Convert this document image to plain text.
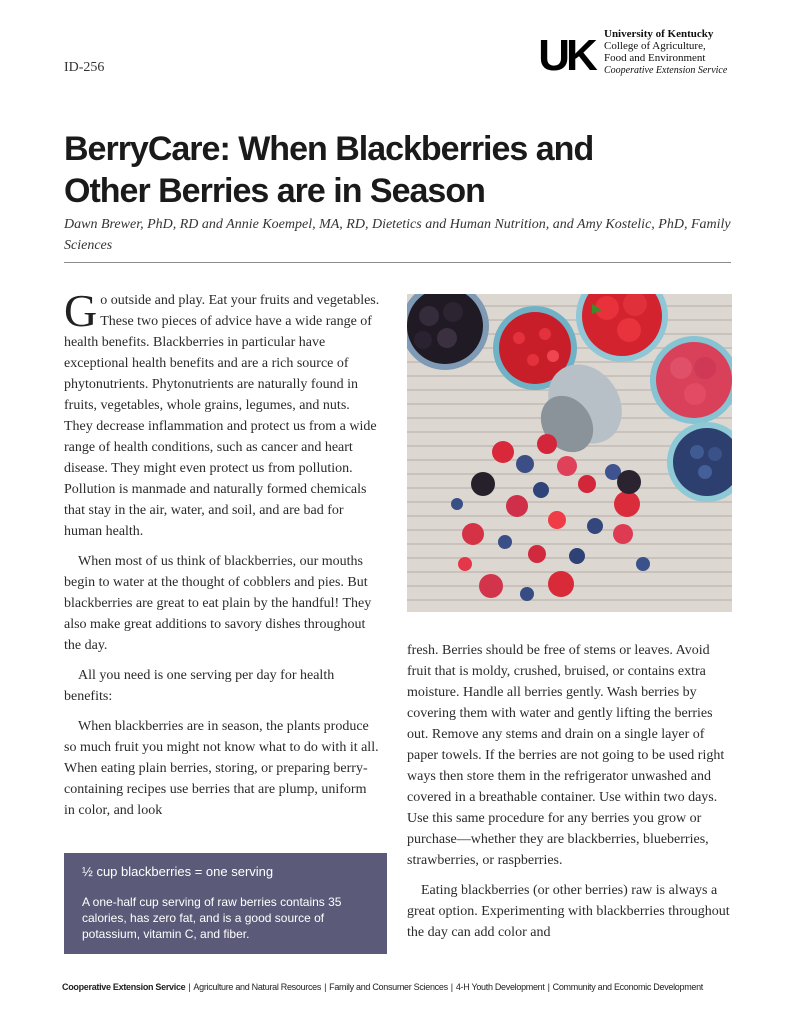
ID-256	UK University of Kentucky
College of Agriculture,
Food and Environment
Cooperative Extension Service
BerryCare: When Blackberries and
Other Berries are in Season
Dawn Brewer, PhD, RD and Annie Koempel, MA, RD, Dietetics and Human Nutrition, and Amy Kostelic, PhD, Family Sciences

Go outside and play. Eat your fruits and vegetables. These two pieces of advice have a wide range of health benefits. Blackberries in particular have exceptional health benefits and are a rich source of phytonutrients. Phytonutrients are naturally found in fruits, vegetables, whole grains, legumes, and nuts. They decrease inflammation and protect us from a wide range of health conditions, such as cancer and heart disease. They might even protect us from pollution. Pollution is manmade and naturally formed chemicals that stay in the air, water, and soil, and are bad for human health.

When most of us think of blackberries, our mouths begin to water at the thought of cobblers and pies. But blackberries are great to eat plain by the handful! They also make great additions to savory dishes throughout the day.

All you need is one serving per day for health benefits:

When blackberries are in season, the plants produce so much fruit you might not know what to do with it all. When eating plain berries, storing, or preparing berry-containing recipes use berries that are plump, uniform in color, and look

fresh. Berries should be free of stems or leaves. Avoid fruit that is moldy, crushed, bruised, or contains extra moisture. Handle all berries gently. Wash berries by covering them with water and gently lifting the berries out. Remove any stems and drain on a single layer of paper towels. If the berries are not going to be used right ways then store them in the refrigerator unwashed and covered in a breathable container. Use within two days. Use this same procedure for any berries you grow or purchase—whether they are blackberries, blueberries, strawberries, or raspberries.

Eating blackberries (or other berries) raw is always a great option. Experimenting with blackberries throughout the day can add color and

½ cup blackberries = one serving
A one-half cup serving of raw berries contains 35 calories, has zero fat, and is a good source of potassium, vitamin C, and fiber.
Cooperative Extension Service | Agriculture and Natural Resources | Family and Consumer Sciences | 4-H Youth Development | Community and Economic Development
